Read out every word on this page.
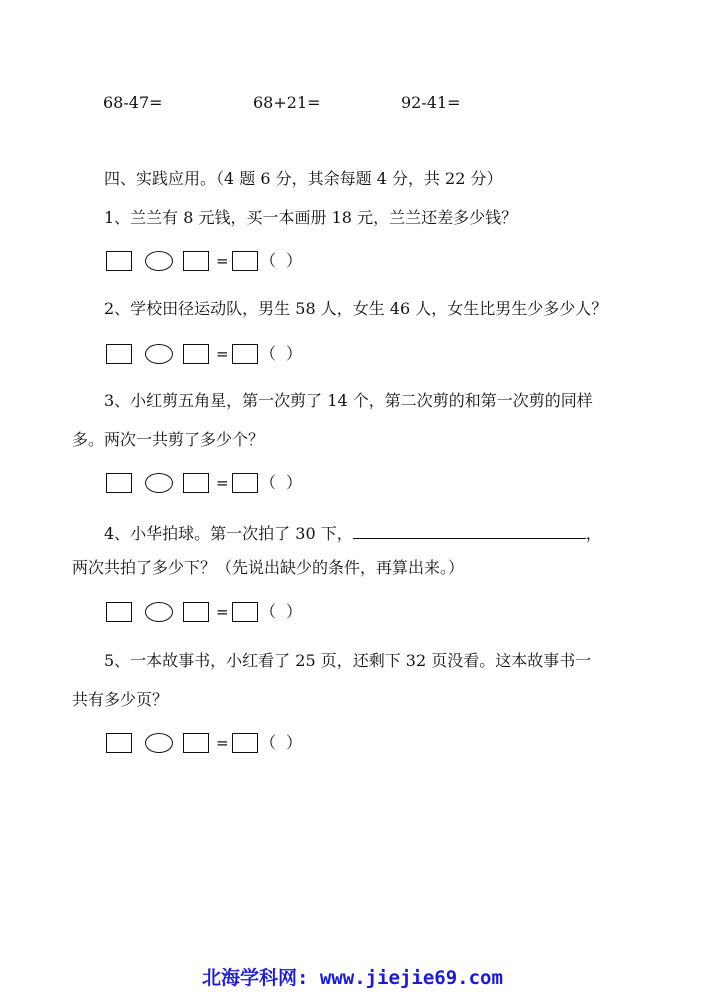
68-47=	68+21=	92-41=
四、实践应用。（4 题 6 分，其余每题 4 分，共 22 分）
1、兰兰有 8 元钱，买一本画册 18 元，兰兰还差多少钱？
= （ ）
2、学校田径运动队，男生 58 人，女生 46 人，女生比男生少多少人？
= （ ）
3、小红剪五角星，第一次剪了 14 个，第二次剪的和第一次剪的同样
多。两次一共剪了多少个？
= （ ）
4、小华拍球。第一次拍了 30 下，	，
两次共拍了多少下？（先说出缺少的条件，再算出来。）
= （ ）
5、一本故事书，小红看了 25 页，还剩下 32 页没看。这本故事书一
共有多少页？
= （ ）
北海学科网: www.jiejie69.com
